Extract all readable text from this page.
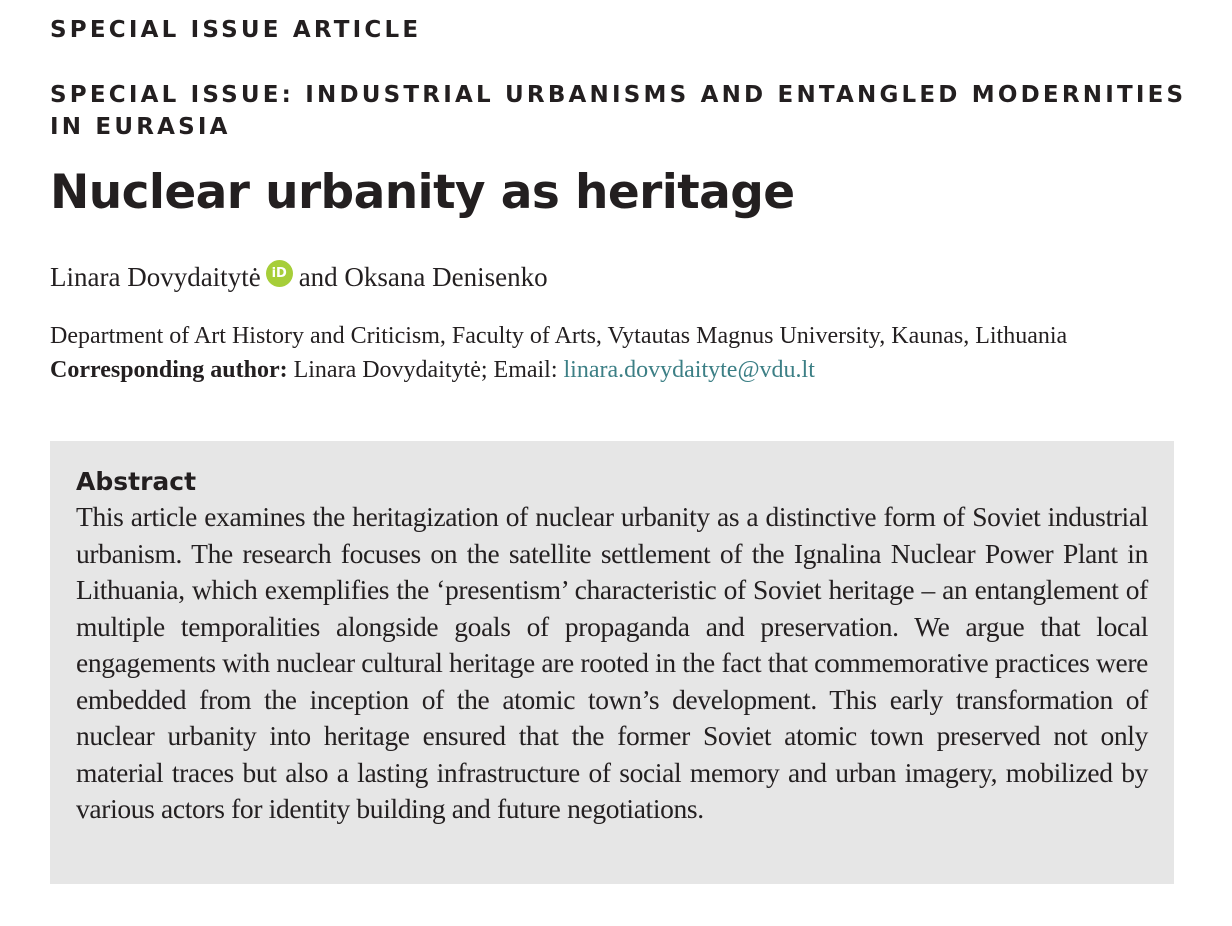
SPECIAL ISSUE ARTICLE

SPECIAL ISSUE: INDUSTRIAL URBANISMS AND ENTANGLED MODERNITIES IN EURASIA

Nuclear urbanity as heritage

Linara Dovydaitytė iD and Oksana Denisenko

Department of Art History and Criticism, Faculty of Arts, Vytautas Magnus University, Kaunas, Lithuania
Corresponding author: Linara Dovydaitytė; Email: linara.dovydaityte@vdu.lt

Abstract

This article examines the heritagization of nuclear urbanity as a distinctive form of Soviet industrial urbanism. The research focuses on the satellite settlement of the Ignalina Nuclear Power Plant in Lithuania, which exemplifies the ‘presentism’ characteristic of Soviet heritage – an entanglement of multiple temporalities alongside goals of propaganda and preservation. We argue that local engagements with nuclear cultural heritage are rooted in the fact that commemorative practices were embedded from the inception of the atomic town’s development. This early transformation of nuclear urbanity into heritage ensured that the former Soviet atomic town preserved not only material traces but also a lasting infrastructure of social memory and urban imagery, mobilized by various actors for identity building and future negotiations.
